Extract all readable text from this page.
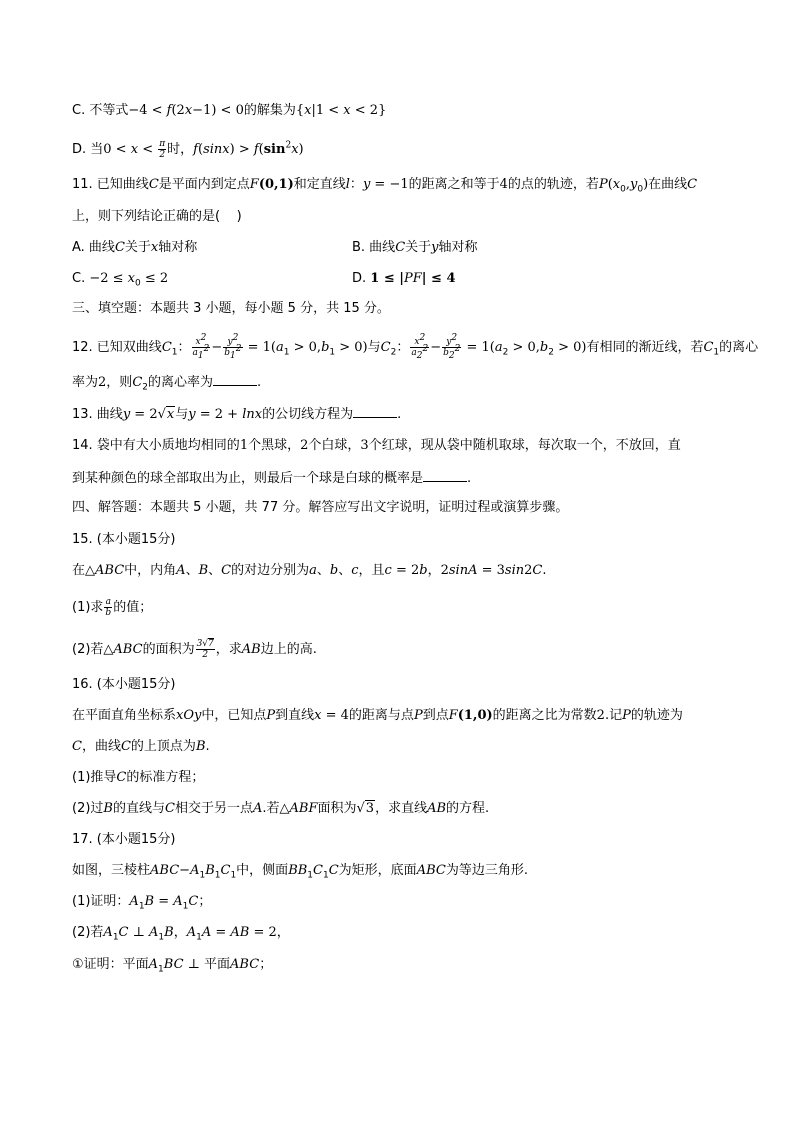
C. 不等式−4 < f(2x−1) < 0的解集为{x|1 < x < 2}
D. 当$0 < x < \frac{\pi}{2}$ 时，$f(\sin x) > f(\sin^2x)$
11. 已知曲线C是平面内到定点F(0,1)和定直线l：y = −1的距离之和等于4的点的轨迹，若$P(x_0,y_0)$在曲线C
上，则下列结论正确的是(    )
A. 曲线C关于x轴对称	B. 曲线C关于y轴对称
C. $-2 \le x_0 \le 2$	D. 1 ≤ |PF| ≤ 4
三、填空题：本题共 3 小题，每小题 5 分，共 15 分。
12. 已知双曲线$C_1$： $\frac{x^2}{a_1^2} - \frac{y^2}{b_1^2} = 1(a_1 > 0,b_1 > 0)$与$C_2$： $\frac{x^2}{a_2^2} - \frac{y^2}{b_2^2} = 1(a_2 > 0,b_2 > 0)$有相同的渐近线，若$C_1$的离心
率为2，则$C_2$的离心率为	.
13. 曲线y = 2√x与y = 2 + lnx的公切线方程为	.
14. 袋中有大小质地均相同的1个黑球，2个白球，3个红球，现从袋中随机取球，每次取一个，不放回，直
到某种颜色的球全部取出为止，则最后一个球是白球的概率是	.
四、解答题：本题共 5 小题，共 77 分。解答应写出文字说明，证明过程或演算步骤。
15. (本小题15分)
在△ABC中，内角A、B、C的对边分别为a、b、c，且c = 2b，2sinA = 3sin2C.
(1)求 $\frac{a}{b}$ 的值；
(2)若△ABC的面积为 $\frac{3√7}{2}$ ，求AB边上的高.
16. (本小题15分)
在平面直角坐标系xOy中，已知点P到直线x = 4的距离与点P到点F(1,0)的距离之比为常数2.记P的轨迹为
C，曲线C的上顶点为B.
(1)推导C的标准方程；
(2)过B的直线与C相交于另一点A.若△ABF面积为√3，求直线AB的方程.
17. (本小题15分)
如图，三棱柱$ABC-A_1B_1C_1$中，侧面$BB_1C_1C$为矩形，底面ABC为等边三角形.
(1)证明：$A_1B = A_1C$；
(2)若$A_1C$ ⊥ $A_1B$，$A_1A$ = AB = 2，
①证明：平面$A_1BC$ ⊥ 平面ABC；
